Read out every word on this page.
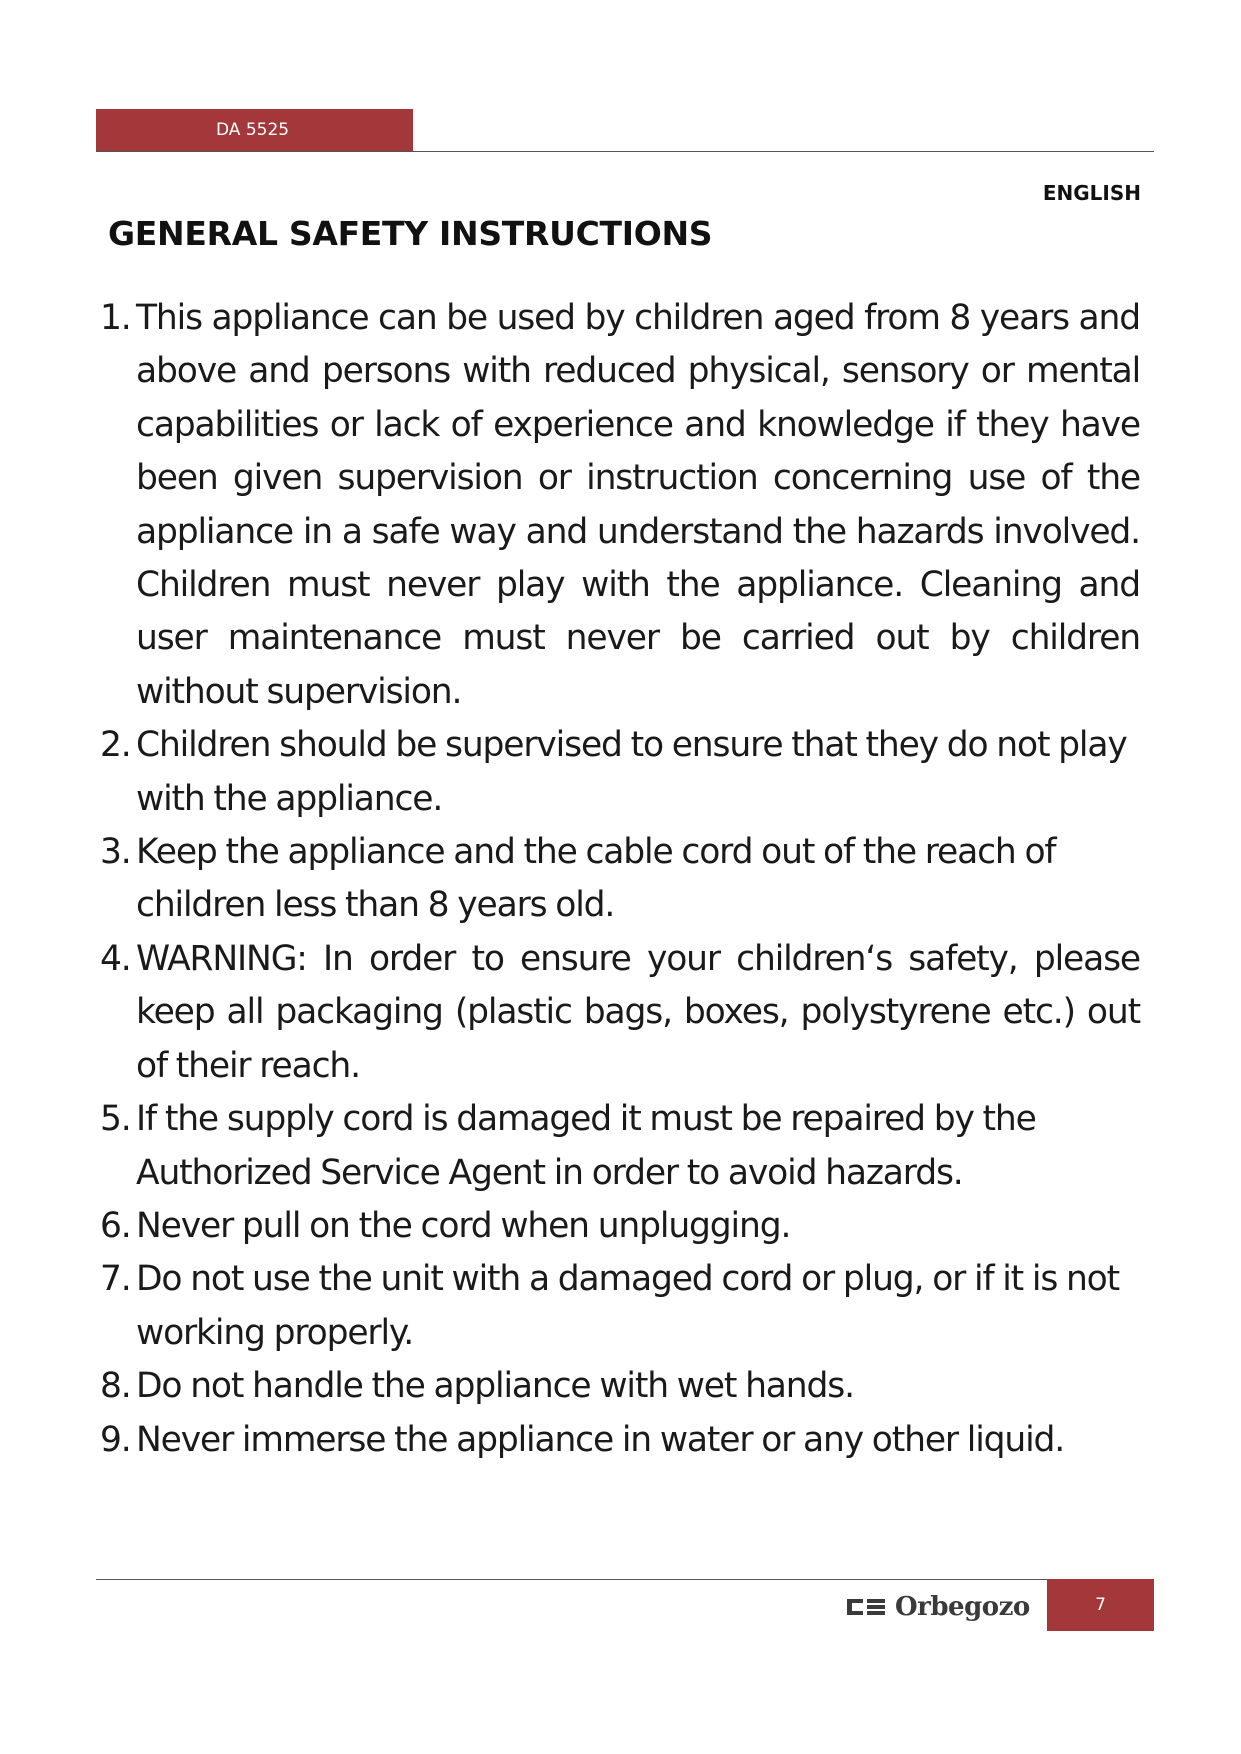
DA 5525
ENGLISH
GENERAL SAFETY INSTRUCTIONS
1. This appliance can be used by children aged from 8 years and above and persons with reduced physical, sensory or mental capabilities or lack of experience and knowledge if they have been given supervision or instruction concerning use of the appliance in a safe way and understand the hazards involved. Children must never play with the appliance. Cleaning and user maintenance must never be carried out by children without supervision.
2. Children should be supervised to ensure that they do not play with the appliance.
3. Keep the appliance and the cable cord out of the reach of children less than 8 years old.
4. WARNING: In order to ensure your children‘s safety, please keep all packaging (plastic bags, boxes, polystyrene etc.) out of their reach.
5. If the supply cord is damaged it must be repaired by the Authorized Service Agent in order to avoid hazards.
6. Never pull on the cord when unplugging.
7. Do not use the unit with a damaged cord or plug, or if it is not working properly.
8. Do not handle the appliance with wet hands.
9. Never immerse the appliance in water or any other liquid.
Orbegozo	7
